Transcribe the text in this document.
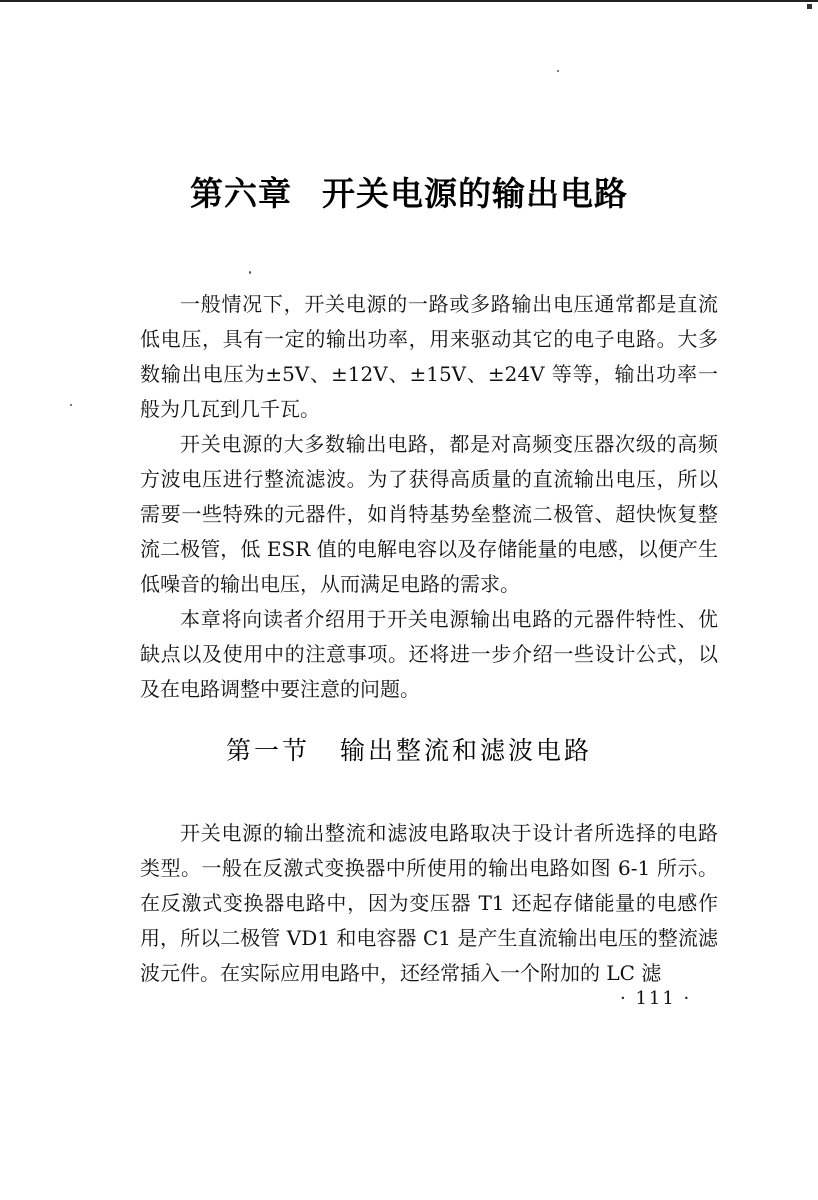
第六章 开关电源的输出电路

一般情况下，开关电源的一路或多路输出电压通常都是直流低电压，具有一定的输出功率，用来驱动其它的电子电路。大多数输出电压为±5V、±12V、±15V、±24V 等等，输出功率一般为几瓦到几千瓦。

开关电源的大多数输出电路，都是对高频变压器次级的高频方波电压进行整流滤波。为了获得高质量的直流输出电压，所以需要一些特殊的元器件，如肖特基势垒整流二极管、超快恢复整流二极管，低 ESR 值的电解电容以及存储能量的电感，以便产生低噪音的输出电压，从而满足电路的需求。

本章将向读者介绍用于开关电源输出电路的元器件特性、优缺点以及使用中的注意事项。还将进一步介绍一些设计公式，以及在电路调整中要注意的问题。

第一节 输出整流和滤波电路

开关电源的输出整流和滤波电路取决于设计者所选择的电路类型。一般在反激式变换器中所使用的输出电路如图 6-1 所示。在反激式变换器电路中，因为变压器 T1 还起存储能量的电感作用，所以二极管 VD1 和电容器 C1 是产生直流输出电压的整流滤波元件。在实际应用电路中，还经常插入一个附加的 LC 滤

· 111 ·
